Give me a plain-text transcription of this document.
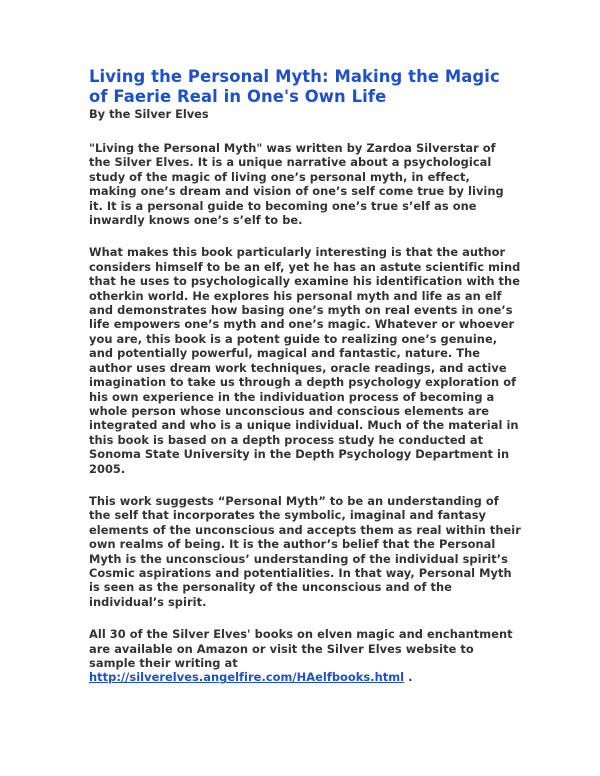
Living the Personal Myth: Making the Magic of Faerie Real in One's Own Life
By the Silver Elves

"Living the Personal Myth" was written by Zardoa Silverstar of the Silver Elves. It is a unique narrative about a psychological study of the magic of living one’s personal myth, in effect, making one’s dream and vision of one’s self come true by living it. It is a personal guide to becoming one’s true s’elf as one inwardly knows one’s s’elf to be.

What makes this book particularly interesting is that the author considers himself to be an elf, yet he has an astute scientific mind that he uses to psychologically examine his identification with the otherkin world. He explores his personal myth and life as an elf and demonstrates how basing one’s myth on real events in one’s life empowers one’s myth and one’s magic. Whatever or whoever you are, this book is a potent guide to realizing one’s genuine, and potentially powerful, magical and fantastic, nature. The author uses dream work techniques, oracle readings, and active imagination to take us through a depth psychology exploration of his own experience in the individuation process of becoming a whole person whose unconscious and conscious elements are integrated and who is a unique individual. Much of the material in this book is based on a depth process study he conducted at Sonoma State University in the Depth Psychology Department in 2005.

This work suggests “Personal Myth” to be an understanding of the self that incorporates the symbolic, imaginal and fantasy elements of the unconscious and accepts them as real within their own realms of being. It is the author’s belief that the Personal Myth is the unconscious’ understanding of the individual spirit’s Cosmic aspirations and potentialities. In that way, Personal Myth is seen as the personality of the unconscious and of the individual’s spirit.

All 30 of the Silver Elves' books on elven magic and enchantment are available on Amazon or visit the Silver Elves website to sample their writing at
http://silverelves.angelfire.com/HAelfbooks.html .
